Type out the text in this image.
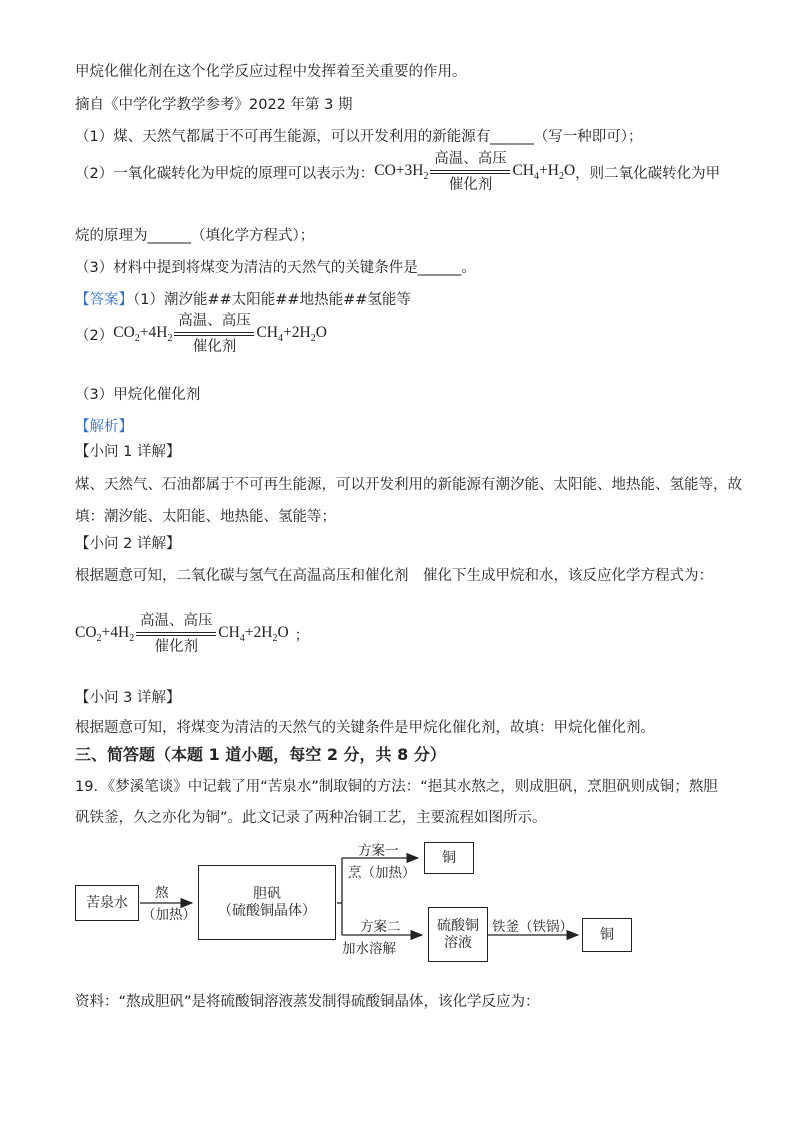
甲烷化催化剂在这个化学反应过程中发挥着至关重要的作用。
摘自《中学化学教学参考》2022 年第 3 期
（1）煤、天然气都属于不可再生能源，可以开发利用的新能源有______（写一种即可）；
（2）一氧化碳转化为甲烷的原理可以表示为： $CO+3H_2$
高温、高压
催化剂
$CH_4+H_2O$ ，则二氧化碳转化为甲
烷的原理为______（填化学方程式）；
（3）材料中提到将煤变为清洁的天然气的关键条件是______。
【答案】（1）潮汐能##太阳能##地热能##氢能等
（2） $CO_2+4H_2$
高温、高压
催化剂
$CH_4+2H_2O$
（3）甲烷化催化剂
【解析】
【小问 1 详解】
煤、天然气、石油都属于不可再生能源，可以开发利用的新能源有潮汐能、太阳能、地热能、氢能等，故
填：潮汐能、太阳能、地热能、氢能等；
【小问 2 详解】
根据题意可知，二氧化碳与氢气在高温高压和催化剂　催化下生成甲烷和水，该反应化学方程式为：
$CO_2+4H_2$
高温、高压
催化剂
$CH_4+2H_2O$ ；
【小问 3 详解】
根据题意可知，将煤变为清洁的天然气的关键条件是甲烷化催化剂，故填：甲烷化催化剂。
三、简答题（本题 1 道小题，每空 2 分，共 8 分）
19．《梦溪笔谈》中记载了用“苦泉水”制取铜的方法：“挹其水熬之，则成胆矾，烹胆矾则成铜；熬胆
矾铁釜，久之亦化为铜”。此文记录了两种冶铜工艺，主要流程如图所示。
苦泉水
熬
（加热）
胆矾
（硫酸铜晶体）
方案一
烹（加热）
铜
方案二
加水溶解
硫酸铜
溶液
铁釜（铁锅）	铜
资料：“熬成胆矾”是将硫酸铜溶液蒸发制得硫酸铜晶体，该化学反应为：
